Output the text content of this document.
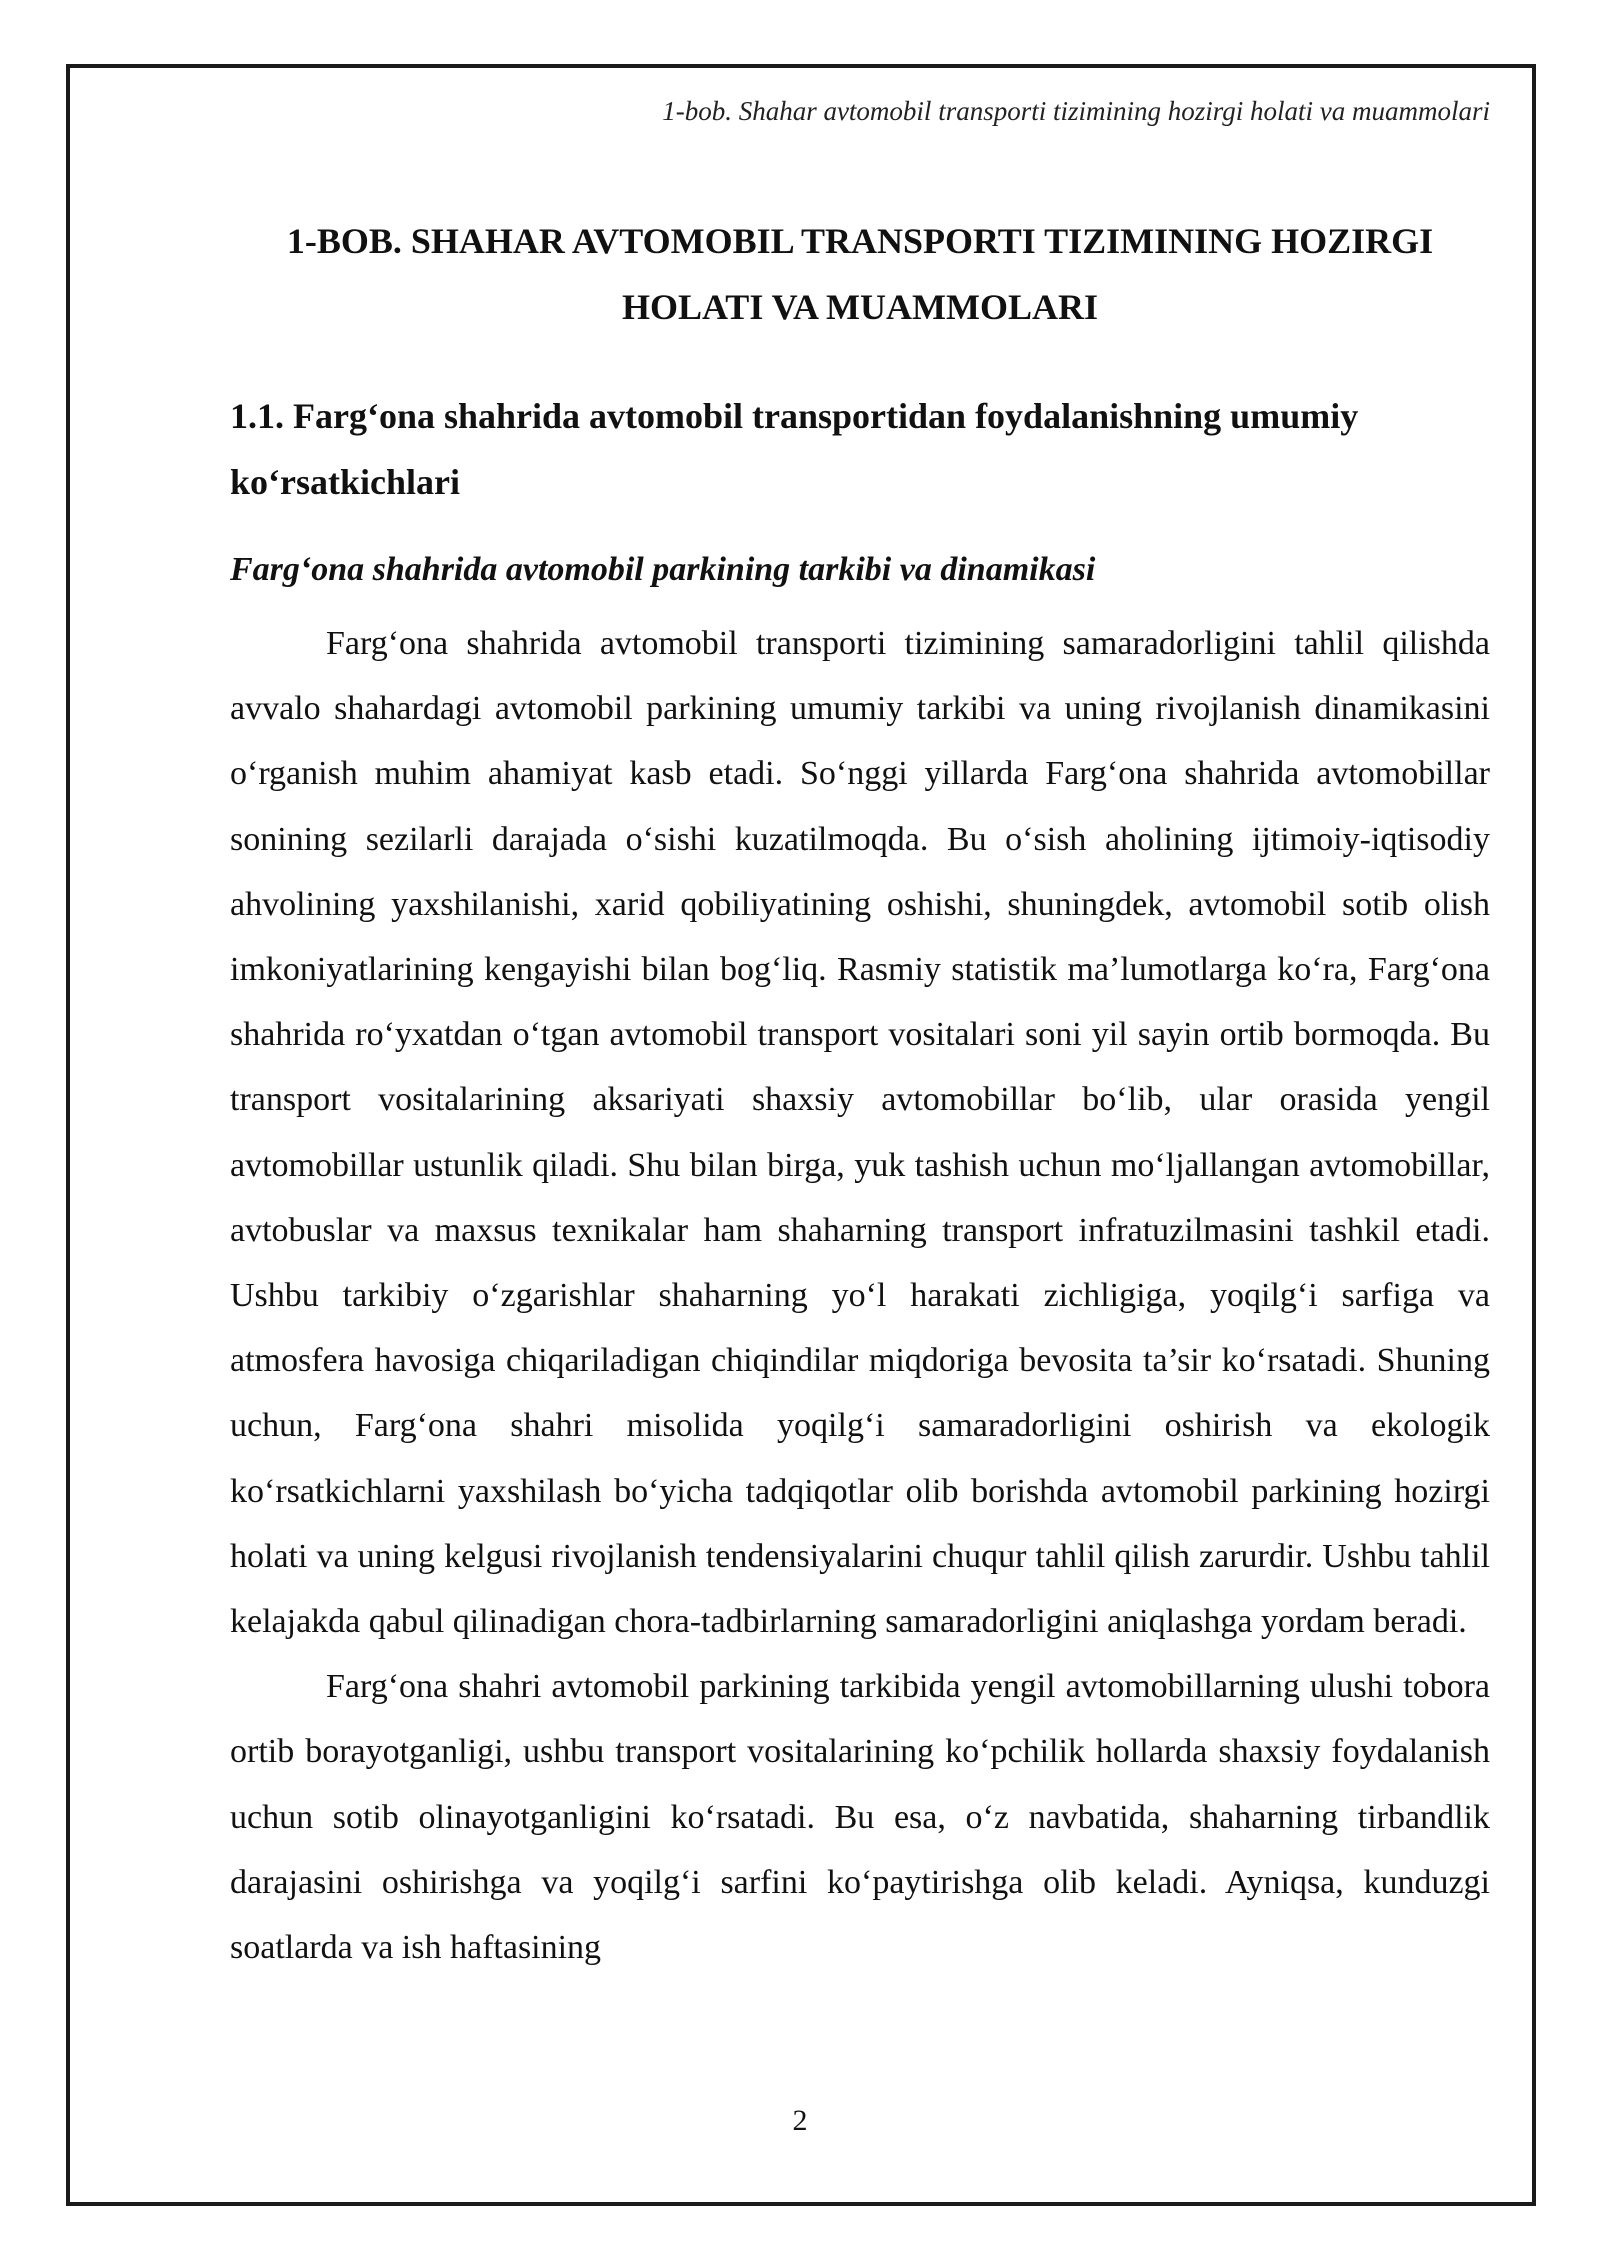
1-bob. Shahar avtomobil transporti tizimining hozirgi holati va muammolari
1-BOB. SHAHAR AVTOMOBIL TRANSPORTI TIZIMINING HOZIRGI
HOLATI VA MUAMMOLARI
1.1. Farg‘ona shahrida avtomobil transportidan foydalanishning umumiy ko‘rsatkichlari
Farg‘ona shahrida avtomobil parkining tarkibi va dinamikasi

Farg‘ona shahrida avtomobil transporti tizimining samaradorligini tahlil qilishda avvalo shahardagi avtomobil parkining umumiy tarkibi va uning rivojlanish dinamikasini o‘rganish muhim ahamiyat kasb etadi. So‘nggi yillarda Farg‘ona shahrida avtomobillar sonining sezilarli darajada o‘sishi kuzatilmoqda. Bu o‘sish aholining ijtimoiy-iqtisodiy ahvolining yaxshilanishi, xarid qobiliyatining oshishi, shuningdek, avtomobil sotib olish imkoniyatlarining kengayishi bilan bog‘liq. Rasmiy statistik ma’lumotlarga ko‘ra, Farg‘ona shahrida ro‘yxatdan o‘tgan avtomobil transport vositalari soni yil sayin ortib bormoqda. Bu transport vositalarining aksariyati shaxsiy avtomobillar bo‘lib, ular orasida yengil avtomobillar ustunlik qiladi. Shu bilan birga, yuk tashish uchun mo‘ljallangan avtomobillar, avtobuslar va maxsus texnikalar ham shaharning transport infratuzilmasini tashkil etadi. Ushbu tarkibiy o‘zgarishlar shaharning yo‘l harakati zichligiga, yoqilg‘i sarfiga va atmosfera havosiga chiqariladigan chiqindilar miqdoriga bevosita ta’sir ko‘rsatadi. Shuning uchun, Farg‘ona shahri misolida yoqilg‘i samaradorligini oshirish va ekologik ko‘rsatkichlarni yaxshilash bo‘yicha tadqiqotlar olib borishda avtomobil parkining hozirgi holati va uning kelgusi rivojlanish tendensiyalarini chuqur tahlil qilish zarurdir. Ushbu tahlil kelajakda qabul qilinadigan chora-tadbirlarning samaradorligini aniqlashga yordam beradi.

Farg‘ona shahri avtomobil parkining tarkibida yengil avtomobillarning ulushi tobora ortib borayotganligi, ushbu transport vositalarining ko‘pchilik hollarda shaxsiy foydalanish uchun sotib olinayotganligini ko‘rsatadi. Bu esa, o‘z navbatida, shaharning tirbandlik darajasini oshirishga va yoqilg‘i sarfini ko‘paytirishga olib keladi. Ayniqsa, kunduzgi soatlarda va ish haftasining

2
